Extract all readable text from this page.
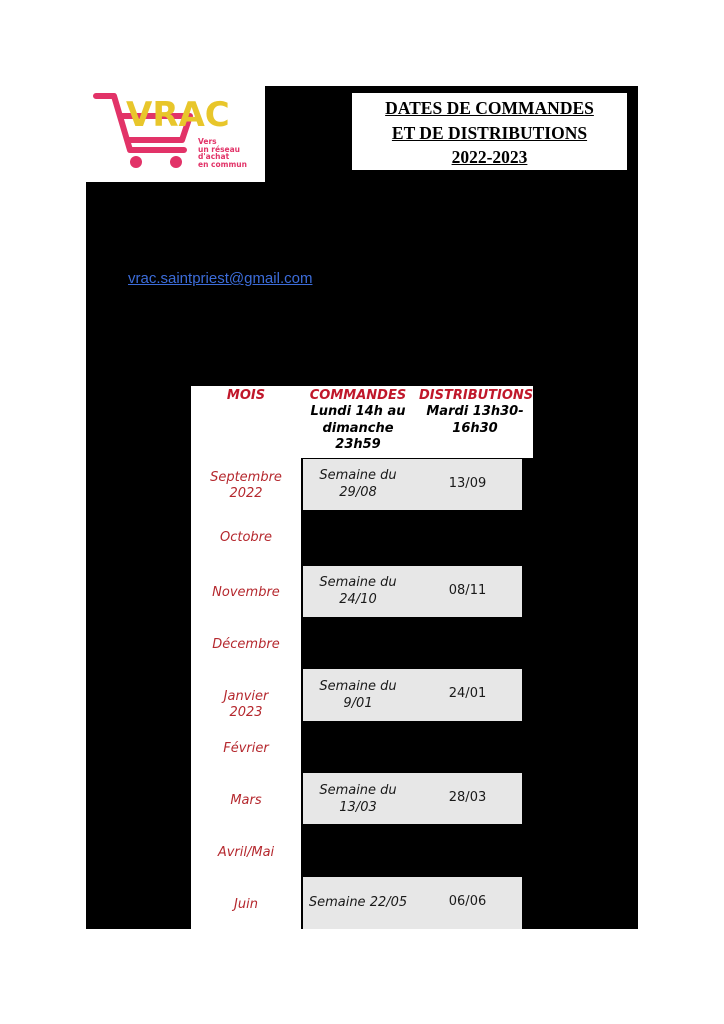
VRAC
Vers
un réseau
d'achat
en commun
DATES DE COMMANDES
ET DE DISTRIBUTIONS
2022-2023
vrac.saintpriest@gmail.com
MOIS	COMMANDES
Lundi 14h au
dimanche
23h59
DISTRIBUTIONS
Mardi 13h30-
16h30
Septembre
2022
Octobre
Novembre
Décembre
Janvier
2023
Février
Mars
Avril/Mai
Juin
Semaine du
29/08
13/09
Semaine du
24/10
08/11
Semaine du
9/01
24/01
Semaine du
13/03
28/03
Semaine 22/05	06/06
